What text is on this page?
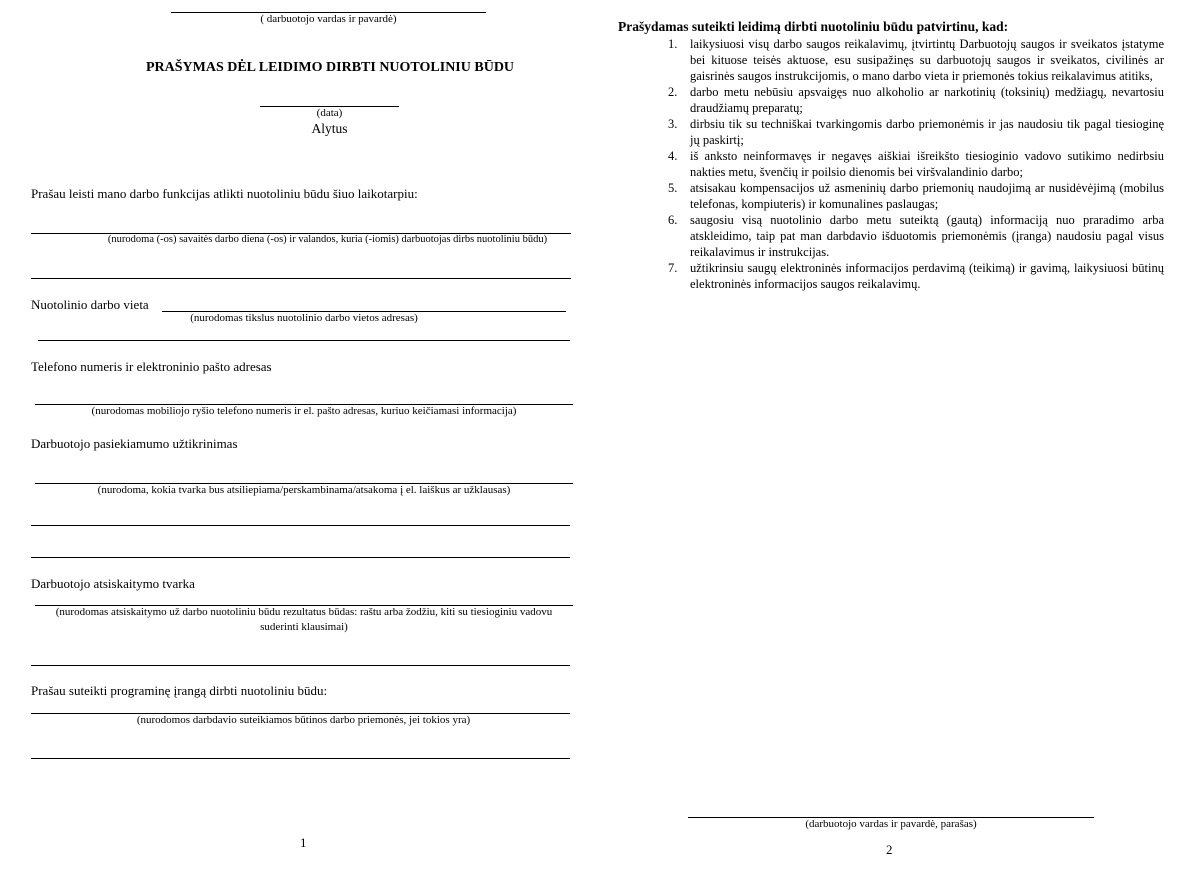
( darbuotojo vardas ir pavardė)
PRAŠYMAS DĖL LEIDIMO DIRBTI NUOTOLINIU BŪDU
(data)
Alytus
Prašau leisti mano darbo funkcijas atlikti nuotoliniu būdu šiuo laikotarpiu:
(nurodoma (-os) savaitės darbo diena (-os) ir valandos, kuria (-iomis) darbuotojas dirbs nuotoliniu būdu)
Nuotolinio darbo vieta
(nurodomas tikslus nuotolinio darbo vietos adresas)
Telefono numeris ir elektroninio pašto adresas
(nurodomas mobiliojo ryšio telefono numeris ir el. pašto adresas, kuriuo keičiamasi informacija)
Darbuotojo pasiekiamumo užtikrinimas
(nurodoma, kokia tvarka bus atsiliepiama/perskambinama/atsakoma į el. laiškus ar užklausas)
Darbuotojo atsiskaitymo tvarka
(nurodomas atsiskaitymo už darbo nuotoliniu būdu rezultatus būdas: raštu arba žodžiu, kiti su tiesioginiu vadovu
suderinti klausimai)
Prašau suteikti programinę įrangą dirbti nuotoliniu būdu:
(nurodomos darbdavio suteikiamos būtinos darbo priemonės, jei tokios yra)
1
Prašydamas suteikti leidimą dirbti nuotoliniu būdu patvirtinu, kad:
1. laikysiuosi visų darbo saugos reikalavimų, įtvirtintų Darbuotojų saugos ir sveikatos įstatyme bei kituose teisės aktuose, esu susipažinęs su darbuotojų saugos ir sveikatos, civilinės ar gaisrinės saugos instrukcijomis, o mano darbo vieta ir priemonės tokius reikalavimus atitiks,
2. darbo metu nebūsiu apsvaigęs nuo alkoholio ar narkotinių (toksinių) medžiagų, nevartosiu draudžiamų preparatų;
3. dirbsiu tik su techniškai tvarkingomis darbo priemonėmis ir jas naudosiu tik pagal tiesioginę jų paskirtį;
4. iš anksto neinformavęs ir negavęs aiškiai išreikšto tiesioginio vadovo sutikimo nedirbsiu nakties metu, švenčių ir poilsio dienomis bei viršvalandinio darbo;
5. atsisakau kompensacijos už asmeninių darbo priemonių naudojimą ar nusidėvėjimą (mobilus telefonas, kompiuteris) ir komunalines paslaugas;
6. saugosiu visą nuotolinio darbo metu suteiktą (gautą) informaciją nuo praradimo arba atskleidimo, taip pat man darbdavio išduotomis priemonėmis (įranga) naudosiu pagal visus reikalavimus ir instrukcijas.
7. užtikrinsiu saugų elektroninės informacijos perdavimą (teikimą) ir gavimą, laikysiuosi būtinų elektroninės informacijos saugos reikalavimų.
(darbuotojo vardas ir pavardė, parašas)
2
